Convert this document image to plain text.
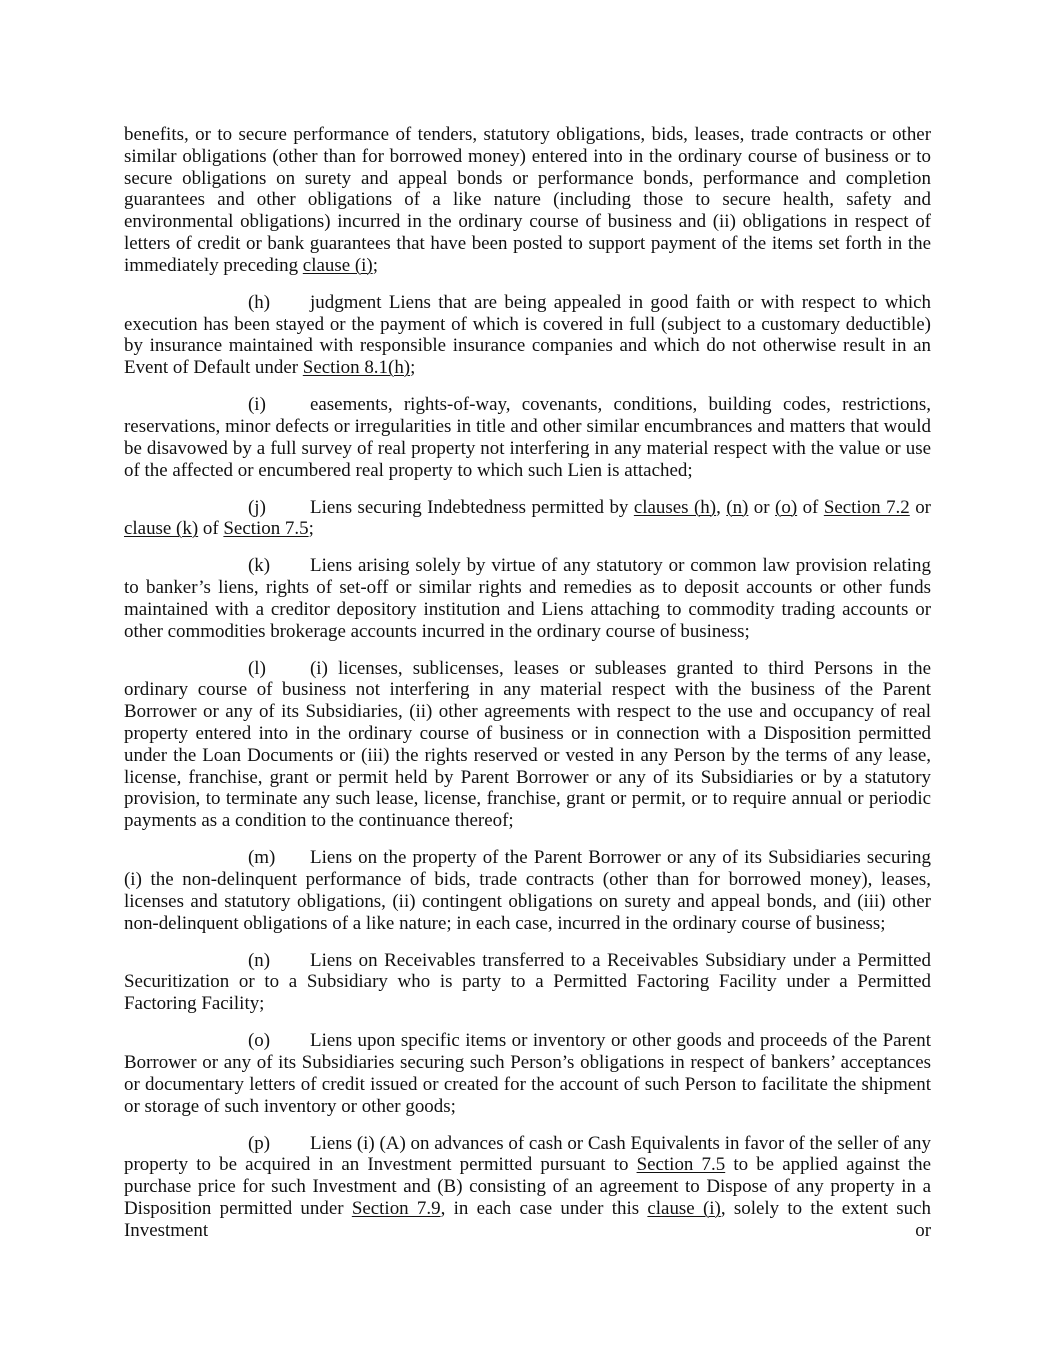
benefits, or to secure performance of tenders, statutory obligations, bids, leases, trade contracts or other similar obligations (other than for borrowed money) entered into in the ordinary course of business or to secure obligations on surety and appeal bonds or performance bonds, performance and completion guarantees and other obligations of a like nature (including those to secure health, safety and environmental obligations) incurred in the ordinary course of business and (ii) obligations in respect of letters of credit or bank guarantees that have been posted to support payment of the items set forth in the immediately preceding clause (i);

(h) judgment Liens that are being appealed in good faith or with respect to which execution has been stayed or the payment of which is covered in full (subject to a customary deductible) by insurance maintained with responsible insurance companies and which do not otherwise result in an Event of Default under Section 8.1(h);

(i) easements, rights-of-way, covenants, conditions, building codes, restrictions, reservations, minor defects or irregularities in title and other similar encumbrances and matters that would be disavowed by a full survey of real property not interfering in any material respect with the value or use of the affected or encumbered real property to which such Lien is attached;

(j) Liens securing Indebtedness permitted by clauses (h), (n) or (o) of Section 7.2 or clause (k) of Section 7.5;

(k) Liens arising solely by virtue of any statutory or common law provision relating to banker’s liens, rights of set-off or similar rights and remedies as to deposit accounts or other funds maintained with a creditor depository institution and Liens attaching to commodity trading accounts or other commodities brokerage accounts incurred in the ordinary course of business;

(l) (i) licenses, sublicenses, leases or subleases granted to third Persons in the ordinary course of business not interfering in any material respect with the business of the Parent Borrower or any of its Subsidiaries, (ii) other agreements with respect to the use and occupancy of real property entered into in the ordinary course of business or in connection with a Disposition permitted under the Loan Documents or (iii) the rights reserved or vested in any Person by the terms of any lease, license, franchise, grant or permit held by Parent Borrower or any of its Subsidiaries or by a statutory provision, to terminate any such lease, license, franchise, grant or permit, or to require annual or periodic payments as a condition to the continuance thereof;

(m) Liens on the property of the Parent Borrower or any of its Subsidiaries securing (i) the non-delinquent performance of bids, trade contracts (other than for borrowed money), leases, licenses and statutory obligations, (ii) contingent obligations on surety and appeal bonds, and (iii) other non-delinquent obligations of a like nature; in each case, incurred in the ordinary course of business;

(n) Liens on Receivables transferred to a Receivables Subsidiary under a Permitted Securitization or to a Subsidiary who is party to a Permitted Factoring Facility under a Permitted Factoring Facility;

(o) Liens upon specific items or inventory or other goods and proceeds of the Parent Borrower or any of its Subsidiaries securing such Person’s obligations in respect of bankers’ acceptances or documentary letters of credit issued or created for the account of such Person to facilitate the shipment or storage of such inventory or other goods;

(p) Liens (i) (A) on advances of cash or Cash Equivalents in favor of the seller of any property to be acquired in an Investment permitted pursuant to Section 7.5 to be applied against the purchase price for such Investment and (B) consisting of an agreement to Dispose of any property in a Disposition permitted under Section 7.9, in each case under this clause (i), solely to the extent such Investment or
